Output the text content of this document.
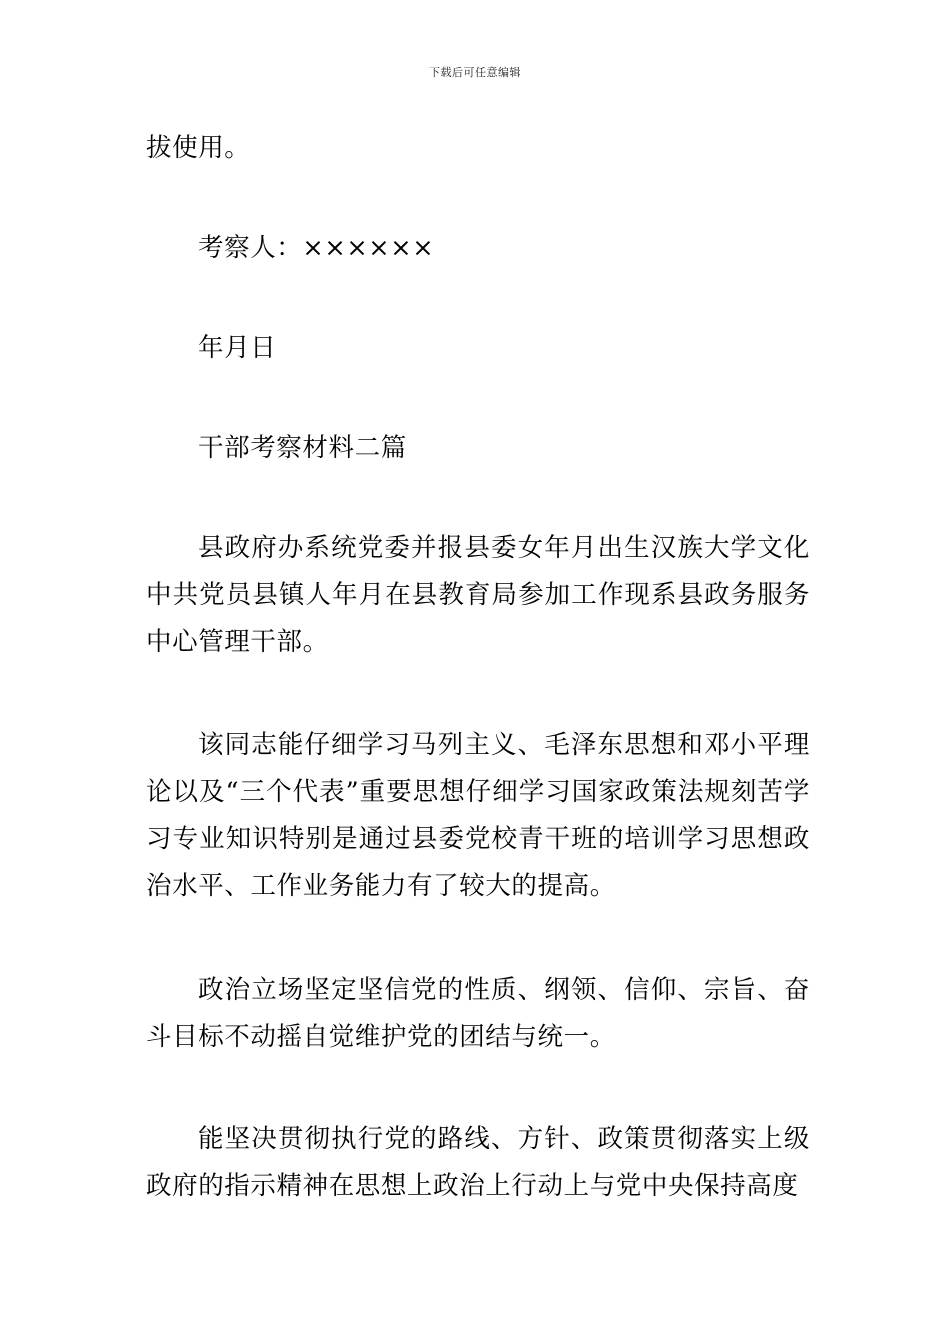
下载后可任意编辑

拔使用。

考察人：××××××

年月日

干部考察材料二篇

县政府办系统党委并报县委女年月出生汉族大学文化中共党员县镇人年月在县教育局参加工作现系县政务服务中心管理干部。

该同志能仔细学习马列主义、毛泽东思想和邓小平理论以及“三个代表”重要思想仔细学习国家政策法规刻苦学习专业知识特别是通过县委党校青干班的培训学习思想政治水平、工作业务能力有了较大的提高。

政治立场坚定坚信党的性质、纲领、信仰、宗旨、奋斗目标不动摇自觉维护党的团结与统一。

能坚决贯彻执行党的路线、方针、政策贯彻落实上级政府的指示精神在思想上政治上行动上与党中央保持高度
